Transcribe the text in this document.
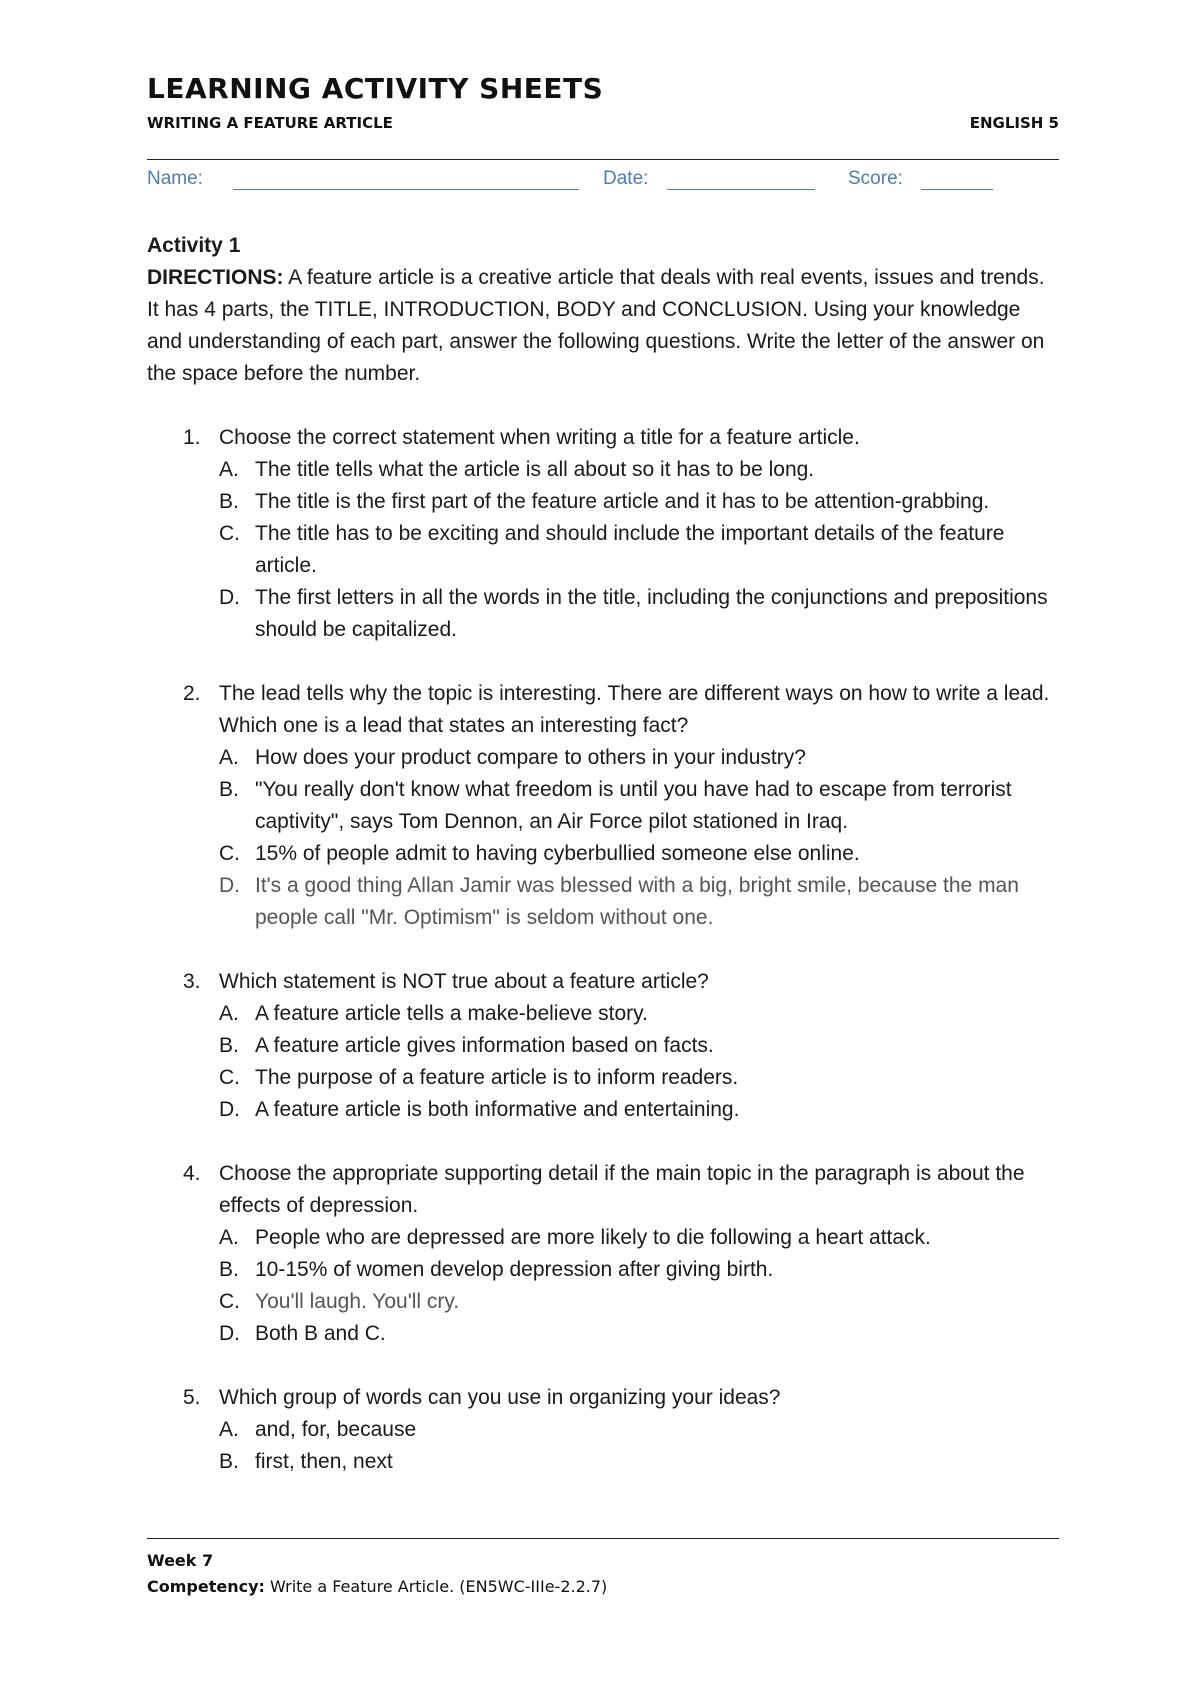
LEARNING ACTIVITY SHEETS
WRITING A FEATURE ARTICLE	ENGLISH 5
Name:	Date:	Score:
Activity 1

DIRECTIONS: A feature article is a creative article that deals with real events, issues and trends. It has 4 parts, the TITLE, INTRODUCTION, BODY and CONCLUSION. Using your knowledge and understanding of each part, answer the following questions. Write the letter of the answer on the space before the number.

1. Choose the correct statement when writing a title for a feature article.
A. The title tells what the article is all about so it has to be long.
B. The title is the first part of the feature article and it has to be attention-grabbing.
C. The title has to be exciting and should include the important details of the feature article.
D. The first letters in all the words in the title, including the conjunctions and prepositions should be capitalized.
2. The lead tells why the topic is interesting. There are different ways on how to write a lead. Which one is a lead that states an interesting fact?
A. How does your product compare to others in your industry?
B. "You really don't know what freedom is until you have had to escape from terrorist captivity", says Tom Dennon, an Air Force pilot stationed in Iraq.
C. 15% of people admit to having cyberbullied someone else online.
D. It's a good thing Allan Jamir was blessed with a big, bright smile, because the man people call "Mr. Optimism" is seldom without one.
3. Which statement is NOT true about a feature article?
A. A feature article tells a make-believe story.
B. A feature article gives information based on facts.
C. The purpose of a feature article is to inform readers.
D. A feature article is both informative and entertaining.
4. Choose the appropriate supporting detail if the main topic in the paragraph is about the effects of depression.
A. People who are depressed are more likely to die following a heart attack.
B. 10-15% of women develop depression after giving birth.
C. You'll laugh. You'll cry.
D. Both B and C.
5. Which group of words can you use in organizing your ideas?
A. and, for, because
B. first, then, next
Week 7
Competency: Write a Feature Article. (EN5WC-IIIe-2.2.7)
